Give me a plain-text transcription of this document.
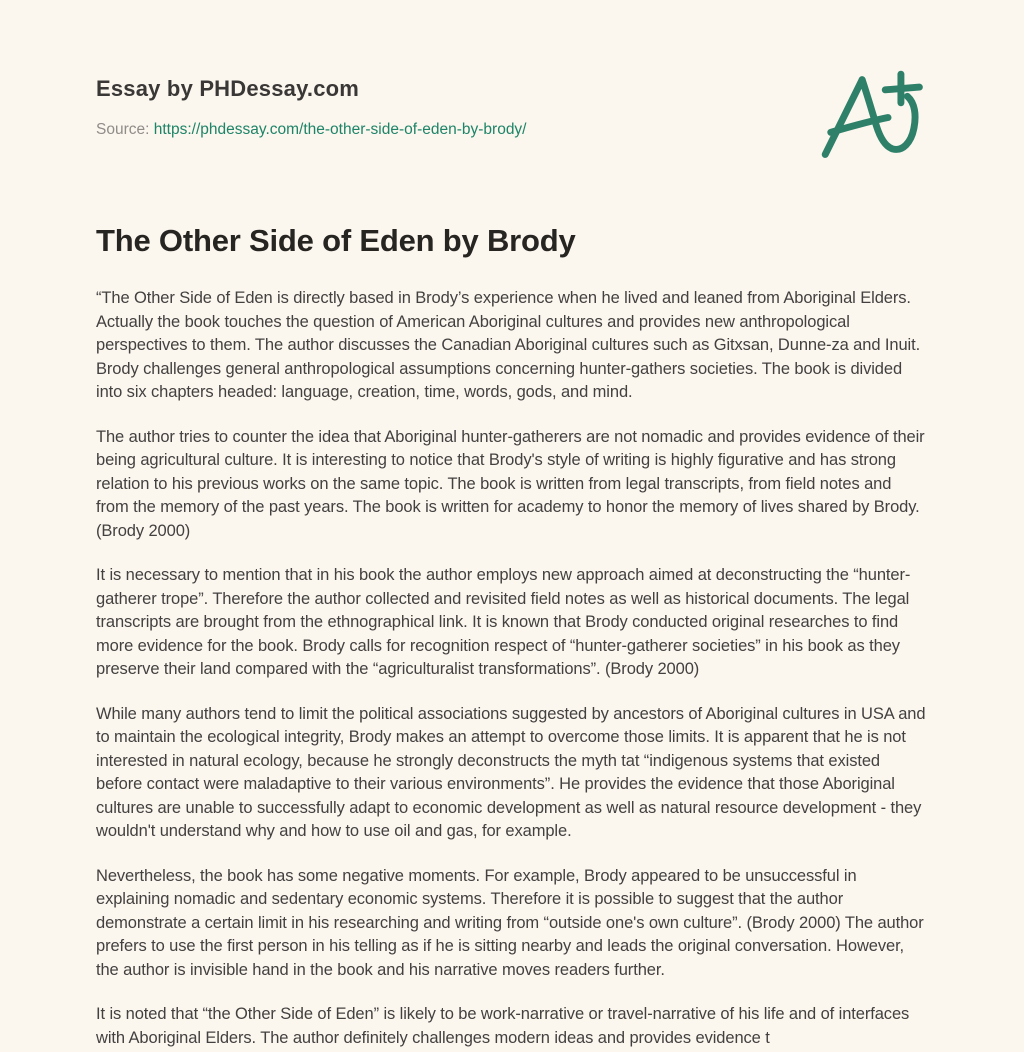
Essay by PHDessay.com

Source: https://phdessay.com/the-other-side-of-eden-by-brody/

The Other Side of Eden by Brody

“The Other Side of Eden is directly based in Brody’s experience when he lived and leaned from Aboriginal Elders. Actually the book touches the question of American Aboriginal cultures and provides new anthropological perspectives to them. The author discusses the Canadian Aboriginal cultures such as Gitxsan, Dunne-za and Inuit. Brody challenges general anthropological assumptions concerning hunter-gathers societies. The book is divided into six chapters headed: language, creation, time, words, gods, and mind.

The author tries to counter the idea that Aboriginal hunter-gatherers are not nomadic and provides evidence of their being agricultural culture. It is interesting to notice that Brody's style of writing is highly figurative and has strong relation to his previous works on the same topic. The book is written from legal transcripts, from field notes and from the memory of the past years. The book is written for academy to honor the memory of lives shared by Brody. (Brody 2000)

It is necessary to mention that in his book the author employs new approach aimed at deconstructing the “hunter-gatherer trope”. Therefore the author collected and revisited field notes as well as historical documents. The legal transcripts are brought from the ethnographical link. It is known that Brody conducted original researches to find more evidence for the book. Brody calls for recognition respect of “hunter-gatherer societies” in his book as they preserve their land compared with the “agriculturalist transformations”. (Brody 2000)

While many authors tend to limit the political associations suggested by ancestors of Aboriginal cultures in USA and to maintain the ecological integrity, Brody makes an attempt to overcome those limits. It is apparent that he is not interested in natural ecology, because he strongly deconstructs the myth tat “indigenous systems that existed before contact were maladaptive to their various environments”. He provides the evidence that those Aboriginal cultures are unable to successfully adapt to economic development as well as natural resource development - they wouldn't understand why and how to use oil and gas, for example.

Nevertheless, the book has some negative moments. For example, Brody appeared to be unsuccessful in explaining nomadic and sedentary economic systems. Therefore it is possible to suggest that the author demonstrate a certain limit in his researching and writing from “outside one's own culture”. (Brody 2000) The author prefers to use the first person in his telling as if he is sitting nearby and leads the original conversation. However, the author is invisible hand in the book and his narrative moves readers further.

It is noted that “the Other Side of Eden” is likely to be work-narrative or travel-narrative of his life and of interfaces with Aboriginal Elders. The author definitely challenges modern ideas and provides evidence t
